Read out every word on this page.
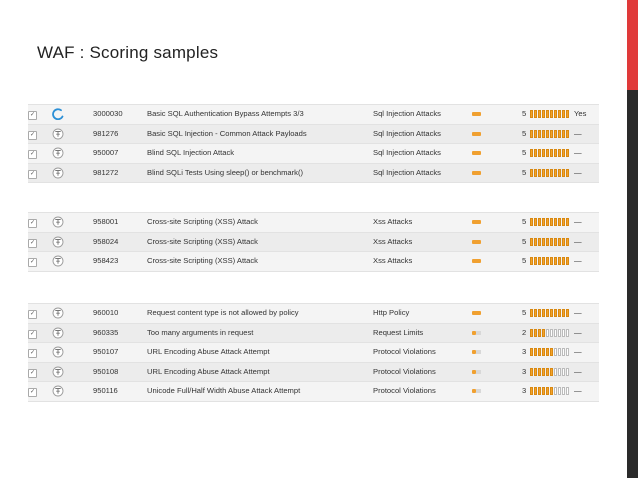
WAF : Scoring samples
✓	3000030	Basic SQL Authentication Bypass Attempts 3/3	Sql Injection Attacks	5	Yes
✓	981276	Basic SQL Injection - Common Attack Payloads	Sql Injection Attacks	5	—
✓	950007	Blind SQL Injection Attack	Sql Injection Attacks	5	—
✓	981272	Blind SQLi Tests Using sleep() or benchmark()	Sql Injection Attacks	5	—
✓	958001	Cross-site Scripting (XSS) Attack	Xss Attacks	5	—
✓	958024	Cross-site Scripting (XSS) Attack	Xss Attacks	5	—
✓	958423	Cross-site Scripting (XSS) Attack	Xss Attacks	5	—
✓	960010	Request content type is not allowed by policy	Http Policy	5	—
✓	960335	Too many arguments in request	Request Limits	2	—
✓	950107	URL Encoding Abuse Attack Attempt	Protocol Violations	3	—
✓	950108	URL Encoding Abuse Attack Attempt	Protocol Violations	3	—
✓	950116	Unicode Full/Half Width Abuse Attack Attempt	Protocol Violations	3	—
